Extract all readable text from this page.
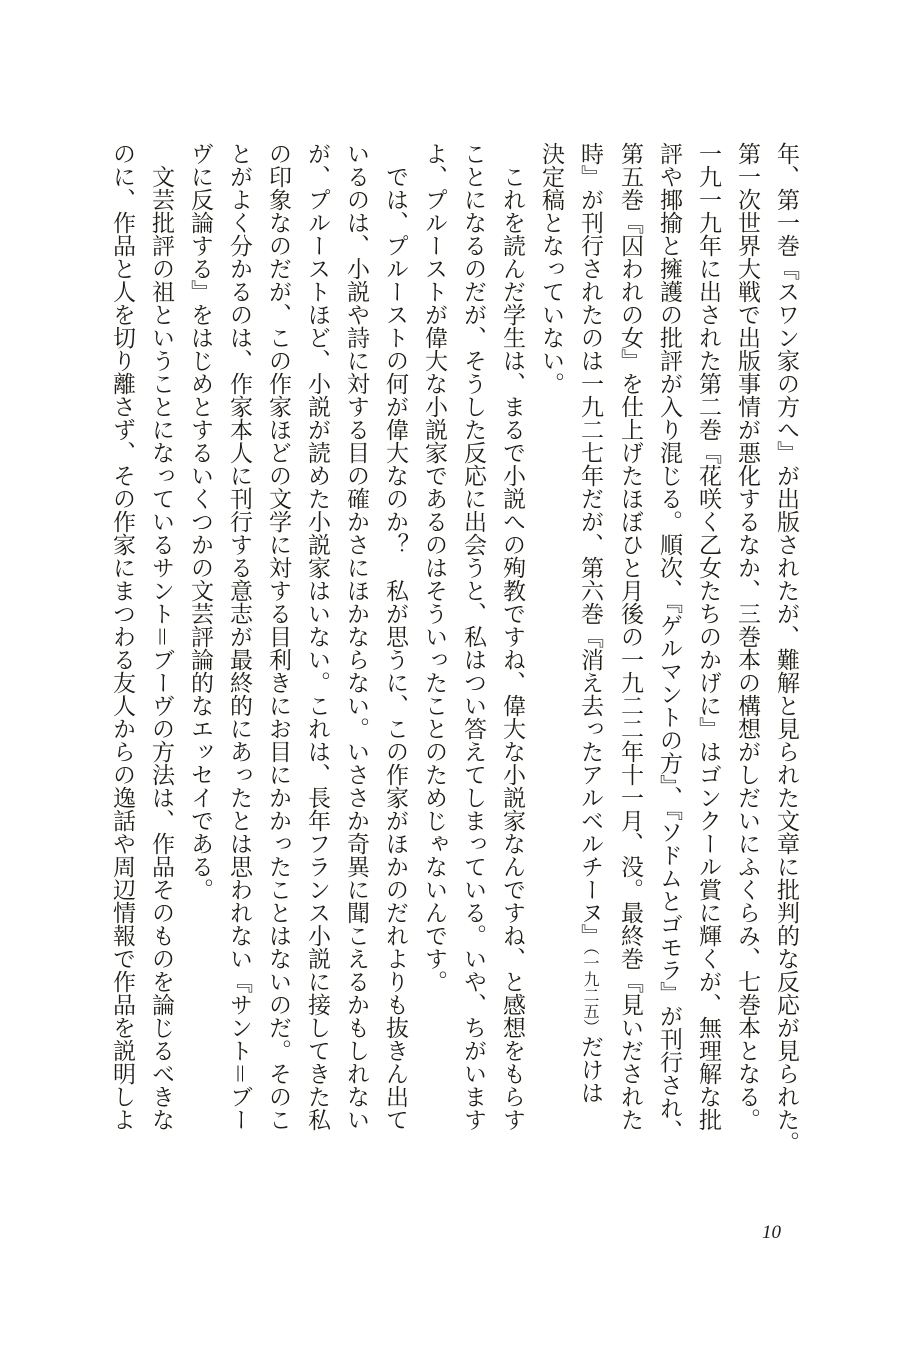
年、第一巻『スワン家の方へ』が出版されたが、難解と見られた文章に批判的な反応が見られた。
第一次世界大戦で出版事情が悪化するなか、三巻本の構想がしだいにふくらみ、七巻本となる。
一九一九年に出された第二巻『花咲く乙女たちのかげに』はゴンクール賞に輝くが、無理解な批
評や揶揄と擁護の批評が入り混じる。順次、『ゲルマントの方』、『ソドムとゴモラ』が刊行され、
第五巻『囚われの女』を仕上げたほぼひと月後の一九二二年十一月、没。最終巻『見いだされた
時』が刊行されたのは一九二七年だが、第六巻『消え去ったアルベルチーヌ』（一九二五）だけは
決定稿となっていない。
これを読んだ学生は、まるで小説への殉教ですね、偉大な小説家なんですね、と感想をもらす
ことになるのだが、そうした反応に出会うと、私はつい答えてしまっている。いや、ちがいます
よ、プルーストが偉大な小説家であるのはそういったことのためじゃないんです。
では、プルーストの何が偉大なのか？　私が思うに、この作家がほかのだれよりも抜きん出て
いるのは、小説や詩に対する目の確かさにほかならない。いささか奇異に聞こえるかもしれない
が、プルーストほど、小説が読めた小説家はいない。これは、長年フランス小説に接してきた私
の印象なのだが、この作家ほどの文学に対する目利きにお目にかかったことはないのだ。そのこ
とがよく分かるのは、作家本人に刊行する意志が最終的にあったとは思われない『サント＝ブー
ヴに反論する』をはじめとするいくつかの文芸評論的なエッセイである。
文芸批評の祖ということになっているサント＝ブーヴの方法は、作品そのものを論じるべきな
のに、作品と人を切り離さず、その作家にまつわる友人からの逸話や周辺情報で作品を説明しよ
10
